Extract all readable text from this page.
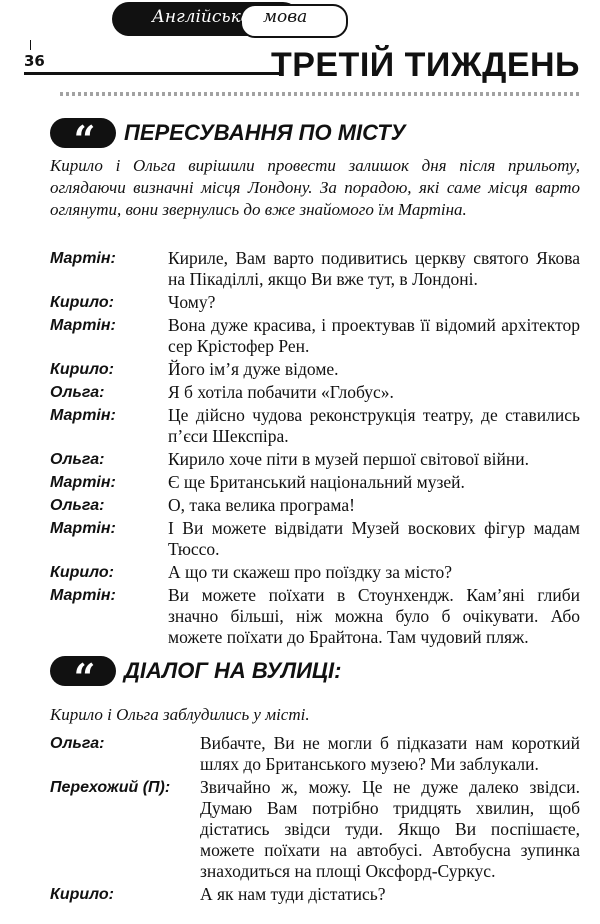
Англійська мова
36	ТРЕТІЙ ТИЖДЕНЬ
“ ПЕРЕСУВАННЯ ПО МІСТУ

Кирило і Ольга вирішили провести залишок дня після прильоту, оглядаючи визначні місця Лондону. За порадою, які саме місця варто оглянути, вони звернулись до вже знайомого їм Мартіна.

Мартін:	Кириле, Вам варто подивитись церкву святого Якова на Пікаділлі, якщо Ви вже тут, в Лондоні.
Кирило:	Чому?
Мартін:	Вона дуже красива, і проектував її відомий архітектор сер Крістофер Рен.
Кирило:	Його ім’я дуже відоме.
Ольга:	Я б хотіла побачити «Глобус».
Мартін:	Це дійсно чудова реконструкція театру, де ставились п’єси Шекспіра.
Ольга:	Кирило хоче піти в музей першої світової війни.
Мартін:	Є ще Британський національний музей.
Ольга:	О, така велика програма!
Мартін:	І Ви можете відвідати Музей воскових фігур мадам Тюссо.
Кирило:	А що ти скажеш про поїздку за місто?
Мартін:	Ви можете поїхати в Стоунхендж. Кам’яні глиби значно більші, ніж можна було б очікувати. Або можете поїхати до Брайтона. Там чудовий пляж.
“ ДІАЛОГ НА ВУЛИЦІ:

Кирило і Ольга заблудились у місті.

Ольга:	Вибачте, Ви не могли б підказати нам короткий шлях до Британського музею? Ми заблукали.
Перехожий (П):	Звичайно ж, можу. Це не дуже далеко звідси. Думаю Вам потрібно тридцять хвилин, щоб дістатись звідси туди. Якщо Ви поспішаєте, можете поїхати на автобусі. Автобусна зупинка знаходиться на площі Оксфорд-Суркус.
Кирило:	А як нам туди дістатись?
